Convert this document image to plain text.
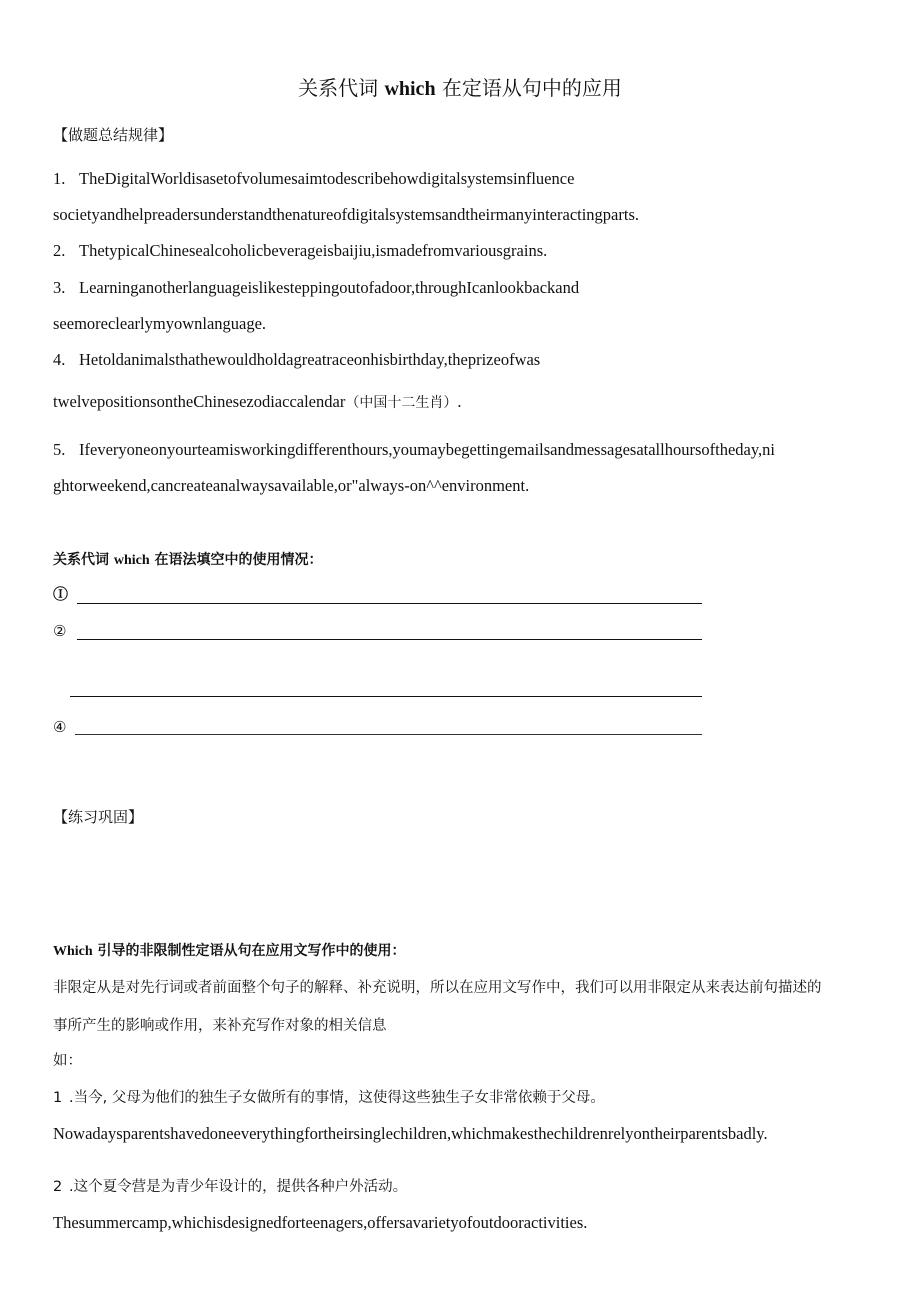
关系代词 which 在定语从句中的应用
【做题总结规律】
1. TheDigitalWorldisasetofvolumesaimtodescribehowdigitalsystemsinfluence
societyandhelpreadersunderstandthenatureofdigitalsystemsandtheirmanyinteractingparts.
2. ThetypicalChinesealcoholicbeverageisbaijiu,ismadefromvariousgrains.
3. Learninganotherlanguageislikesteppingoutofadoor,throughIcanlookbackand
seemoreclearlymyownlanguage.
4. Hetoldanimalsthathewouldholdagreatraceonhisbirthday,theprizeofwas
twelvepositionsontheChinesezodiaccalendar（中国十二生肖）.
5. Ifeveryoneonyourteamisworkingdifferenthours,youmaybegettingemailsandmessagesatallhoursoftheday,ni
ghtorweekend,cancreateanalwaysavailable,or"always-on^^environment.
关系代词 which 在语法填空中的使用情况：
Ⓘ
②
④
【练习巩固】
Which 引导的非限制性定语从句在应用文写作中的使用：
非限定从是对先行词或者前面整个句子的解释、补充说明，所以在应用文写作中，我们可以用非限定从来表达前句描述的
事所产生的影响或作用，来补充写作对象的相关信息
如：
1 .当今, 父母为他们的独生子女做所有的事情，这使得这些独生子女非常依赖于父母。
Nowadaysparentshavedoneeverythingfortheirsinglechildren,whichmakesthechildrenrelyontheirparentsbadly.
2 .这个夏令营是为青少年设计的，提供各种户外活动。
Thesummercamp,whichisdesignedforteenagers,offersavarietyofoutdooractivities.
